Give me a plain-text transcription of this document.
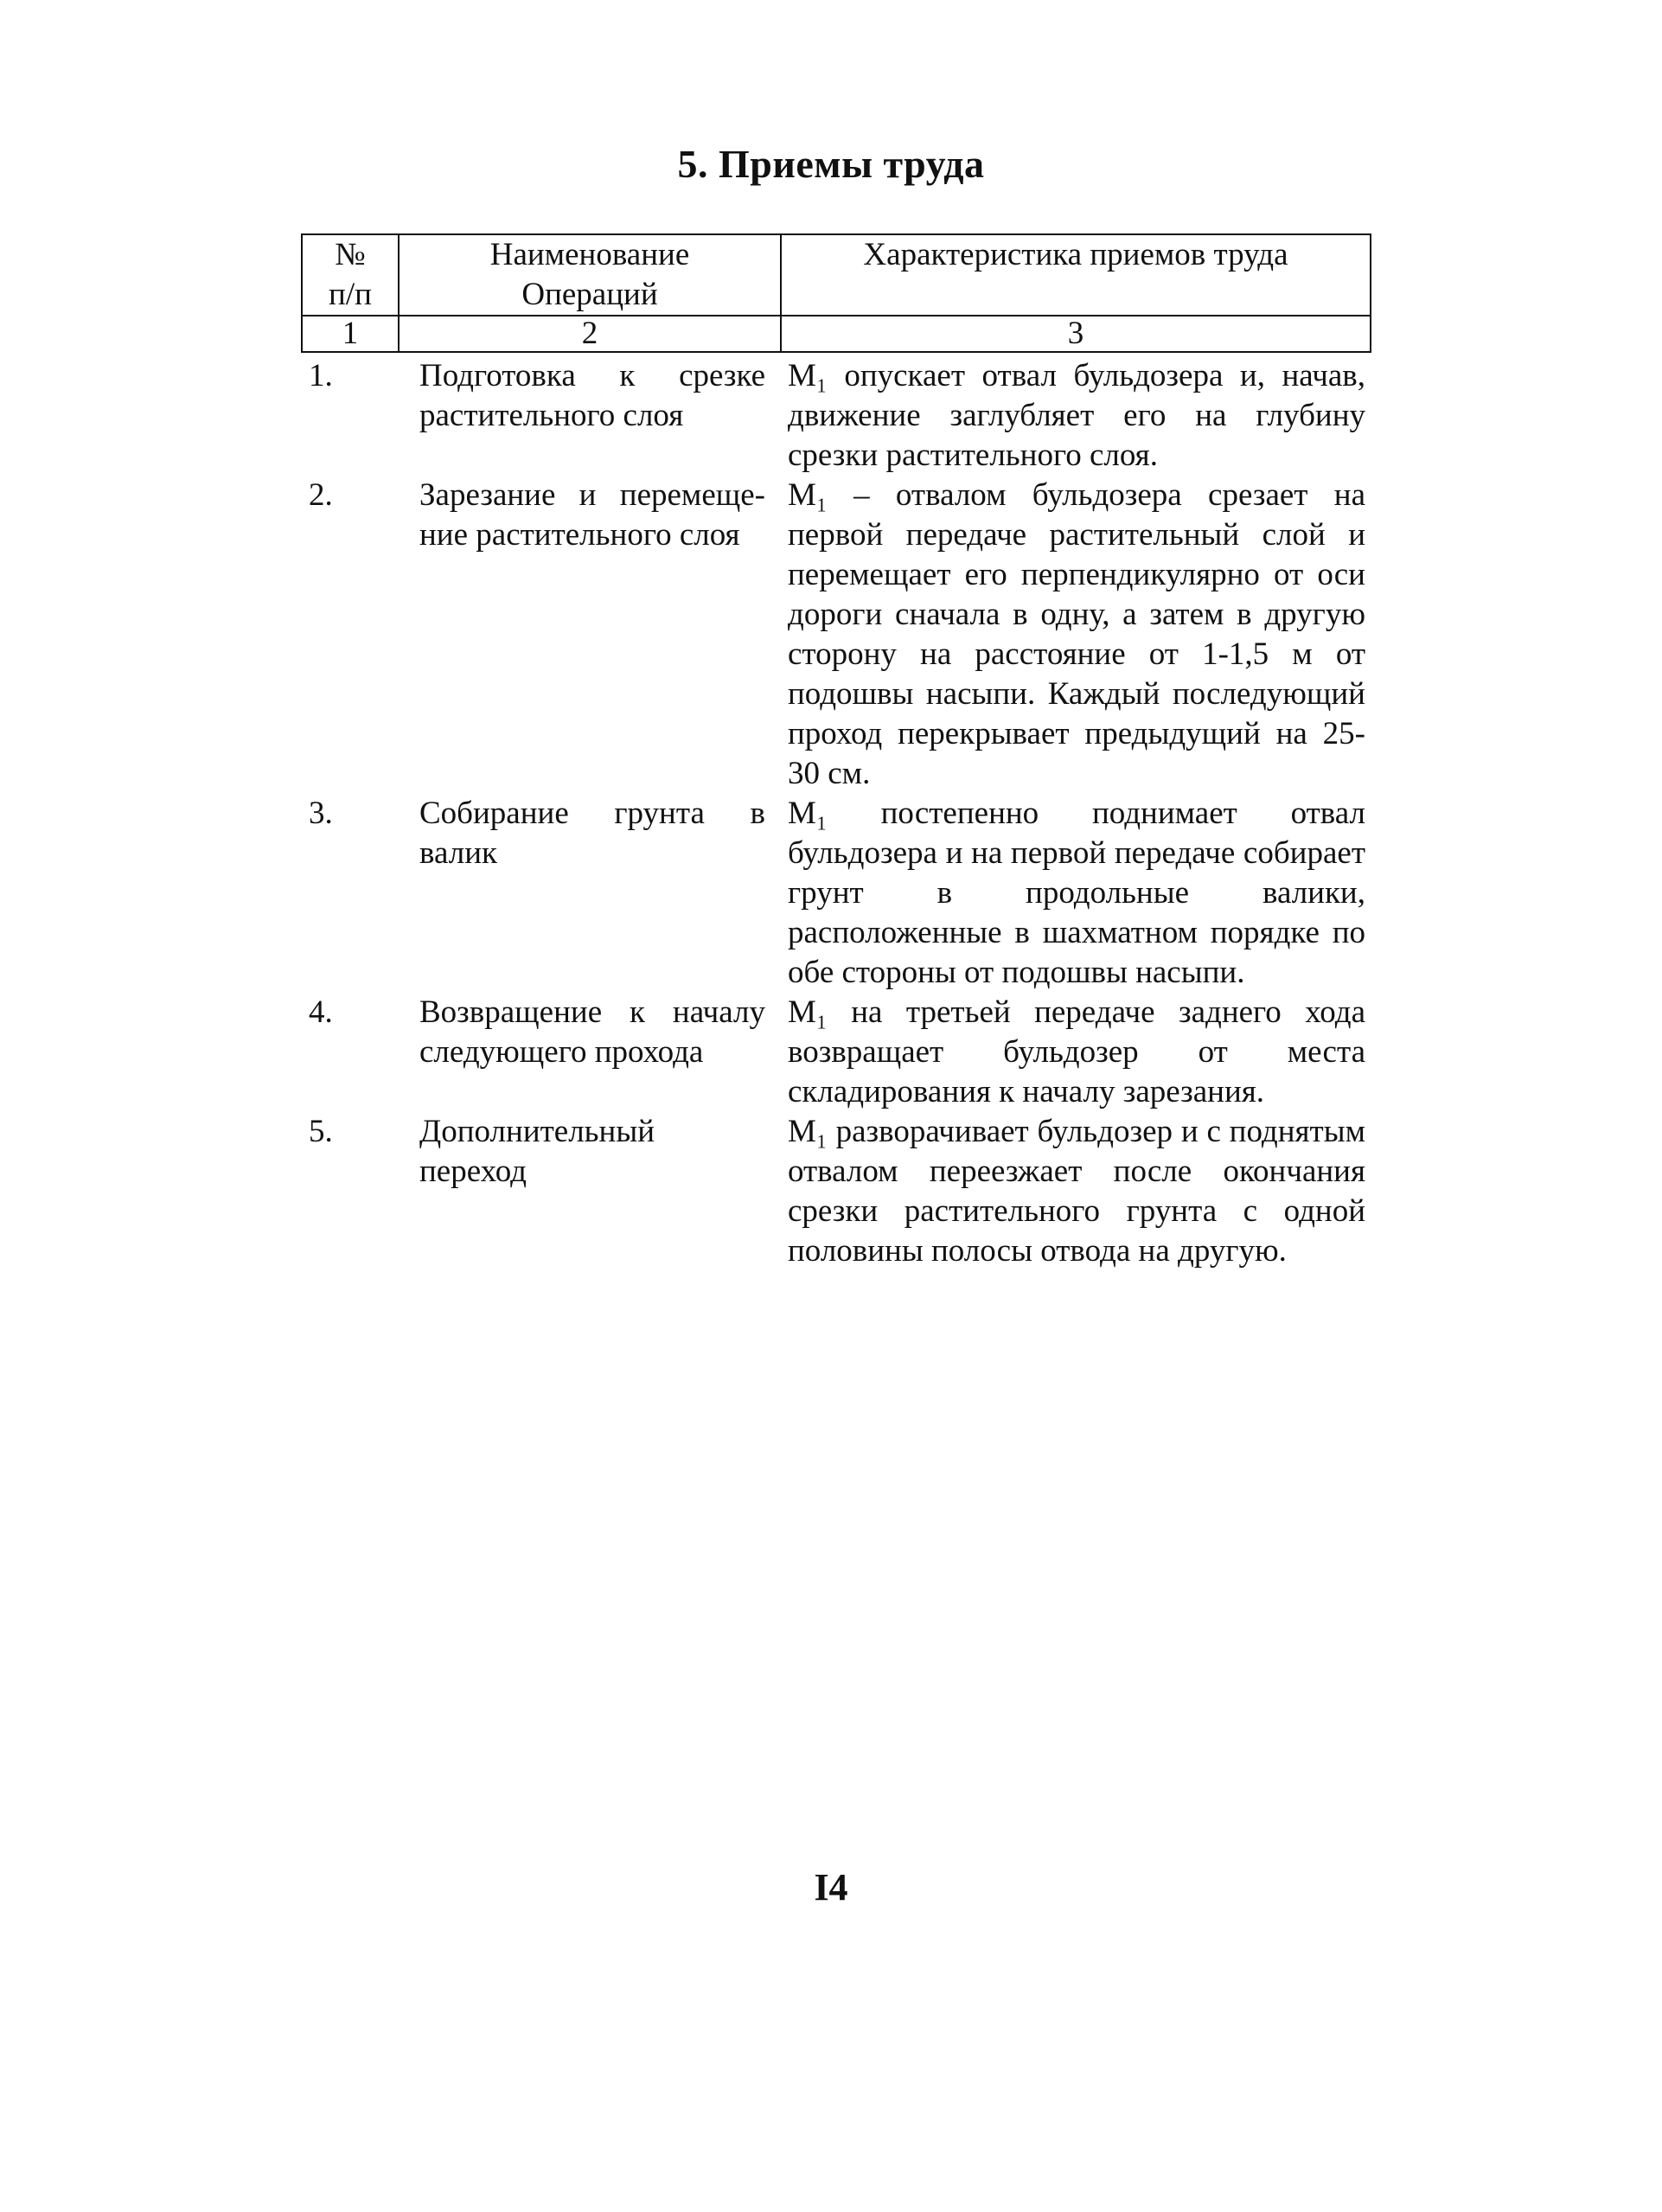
5. Приемы труда
№ п/п	Наименование Операций	Характеристика приемов труда
1	2	3
1.	Подготовка к срезке растительного слоя	М₁ опускает отвал бульдозера и, начав, движение заглубляет его на глубину срезки растительного слоя.
2.	Зарезание и перемеще-ние растительного слоя	М₁ – отвалом бульдозера срезает на первой передаче растительный слой и перемещает его перпендикулярно от оси дороги сначала в одну, а затем в другую сторону на расстояние от 1-1,5 м от подошвы насыпи. Каждый последующий проход перекрывает предыдущий на 25-30 см.
3.	Собирание грунта в валик	М₁ постепенно поднимает отвал бульдозера и на первой передаче собирает грунт в продольные валики, расположенные в шахматном порядке по обе стороны от подошвы насыпи.
4.	Возвращение к началу следующего прохода	М₁ на третьей передаче заднего хода возвращает бульдозер от места складирования к началу зарезания.
5.	Дополнительный переход	М₁ разворачивает бульдозер и с поднятым отвалом переезжает после окончания срезки растительного грунта с одной половины полосы отвода на другую.
I4
